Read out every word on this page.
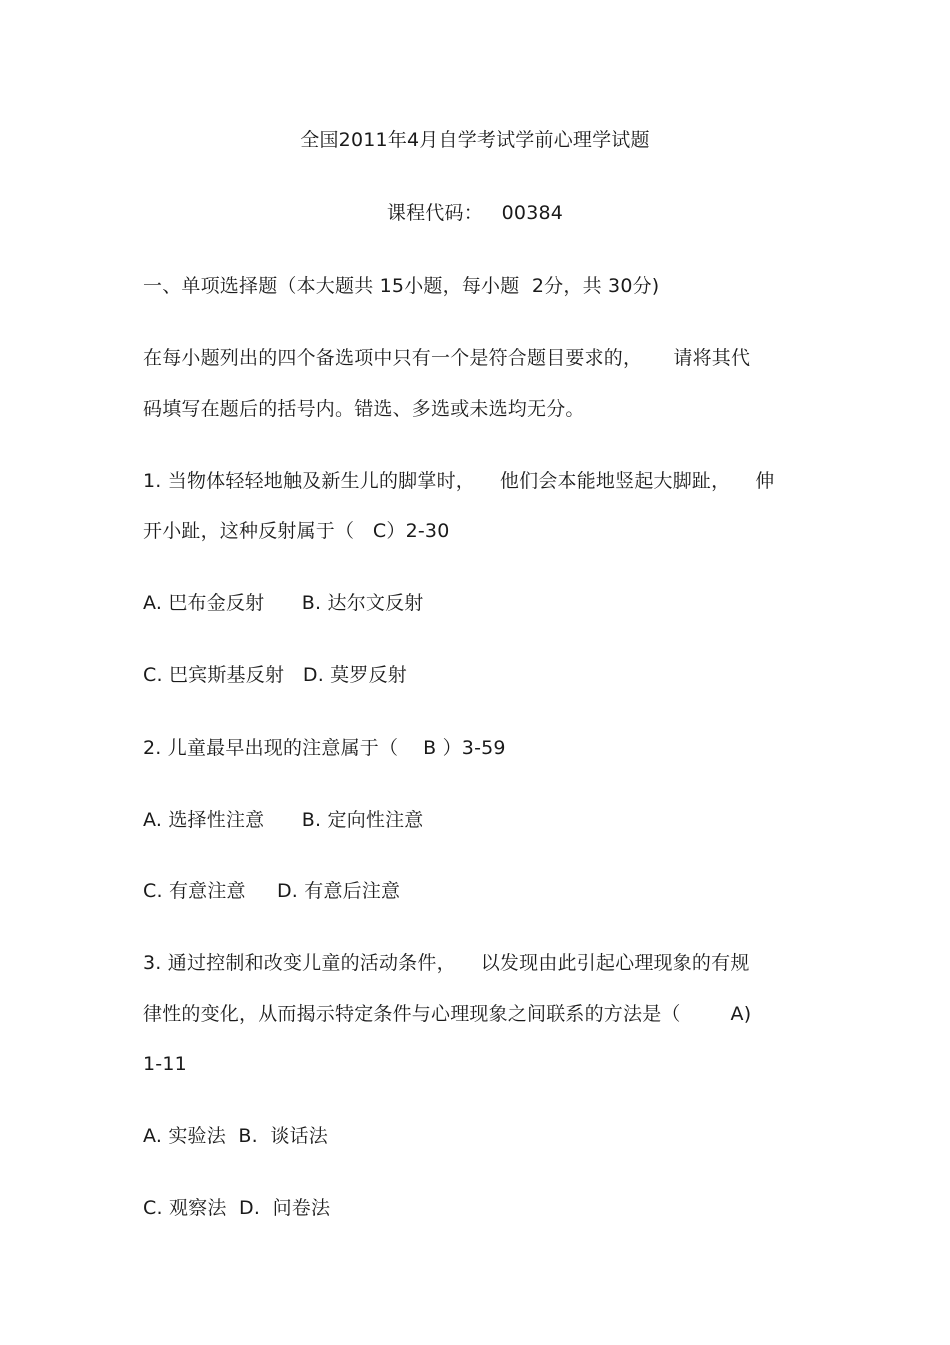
全国2011年4月自学考试学前心理学试题
课程代码：   00384
一、单项选择题（本大题共 15小题，每小题  2分，共 30分)
在每小题列出的四个备选项中只有一个是符合题目要求的，     请将其代
码填写在题后的括号内。错选、多选或未选均无分。
1. 当物体轻轻地触及新生儿的脚掌时，    他们会本能地竖起大脚趾，    伸
开小趾，这种反射属于（   C）2-30
A. 巴布金反射      B. 达尔文反射
C. 巴宾斯基反射   D. 莫罗反射
2. 儿童最早出现的注意属于（    B ）3-59
A. 选择性注意      B. 定向性注意
C. 有意注意     D. 有意后注意
3. 通过控制和改变儿童的活动条件，    以发现由此引起心理现象的有规
律性的变化，从而揭示特定条件与心理现象之间联系的方法是（        A)
1-11
A. 实验法  B.  谈话法
C. 观察法  D.  问卷法
